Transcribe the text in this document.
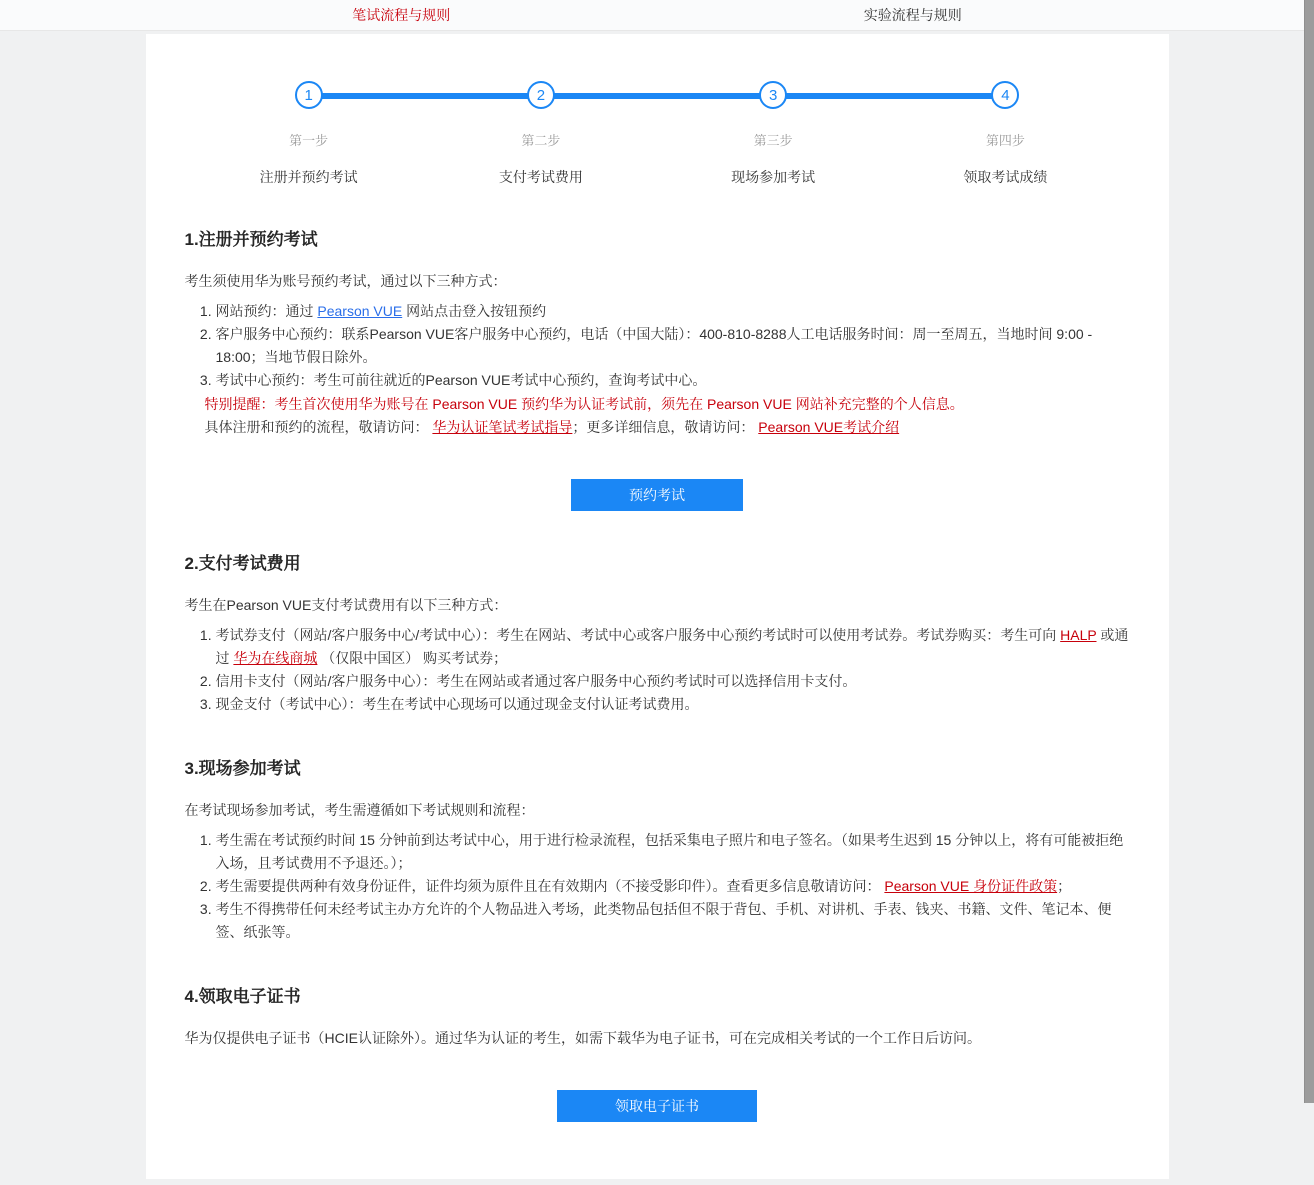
笔试流程与规则	实验流程与规则
1
第一步
注册并预约考试
2
第二步
支付考试费用
3
第三步
现场参加考试
4
第四步
领取考试成绩
1.注册并预约考试

考生须使用华为账号预约考试，通过以下三种方式：

1. 网站预约：通过 Pearson VUE 网站点击登入按钮预约
2. 客户服务中心预约：联系Pearson VUE客户服务中心预约，电话（中国大陆）：400-810-8288人工电话服务时间：周一至周五，当地时间 9:00 - 18:00；当地节假日除外。
3. 考试中心预约：考生可前往就近的Pearson VUE考试中心预约，查询考试中心。

特别提醒：考生首次使用华为账号在 Pearson VUE 预约华为认证考试前，须先在 Pearson VUE 网站补充完整的个人信息。

具体注册和预约的流程，敬请访问： 华为认证笔试考试指导；更多详细信息，敬请访问： Pearson VUE考试介绍

预约考试
2.支付考试费用

考生在Pearson VUE支付考试费用有以下三种方式：

1. 考试券支付（网站/客户服务中心/考试中心）：考生在网站、考试中心或客户服务中心预约考试时可以使用考试券。考试券购买：考生可向 HALP 或通过 华为在线商城 （仅限中国区） 购买考试券；
2. 信用卡支付（网站/客户服务中心）：考生在网站或者通过客户服务中心预约考试时可以选择信用卡支付。
3. 现金支付（考试中心）：考生在考试中心现场可以通过现金支付认证考试费用。
3.现场参加考试

在考试现场参加考试，考生需遵循如下考试规则和流程：

1. 考生需在考试预约时间 15 分钟前到达考试中心，用于进行检录流程，包括采集电子照片和电子签名。（如果考生迟到 15 分钟以上，将有可能被拒绝入场，且考试费用不予退还。）；
2. 考生需要提供两种有效身份证件，证件均须为原件且在有效期内（不接受影印件）。查看更多信息敬请访问： Pearson VUE 身份证件政策；
3. 考生不得携带任何未经考试主办方允许的个人物品进入考场，此类物品包括但不限于背包、手机、对讲机、手表、钱夹、书籍、文件、笔记本、便签、纸张等。
4.领取电子证书

华为仅提供电子证书（HCIE认证除外）。通过华为认证的考生，如需下载华为电子证书，可在完成相关考试的一个工作日后访问。

领取电子证书
